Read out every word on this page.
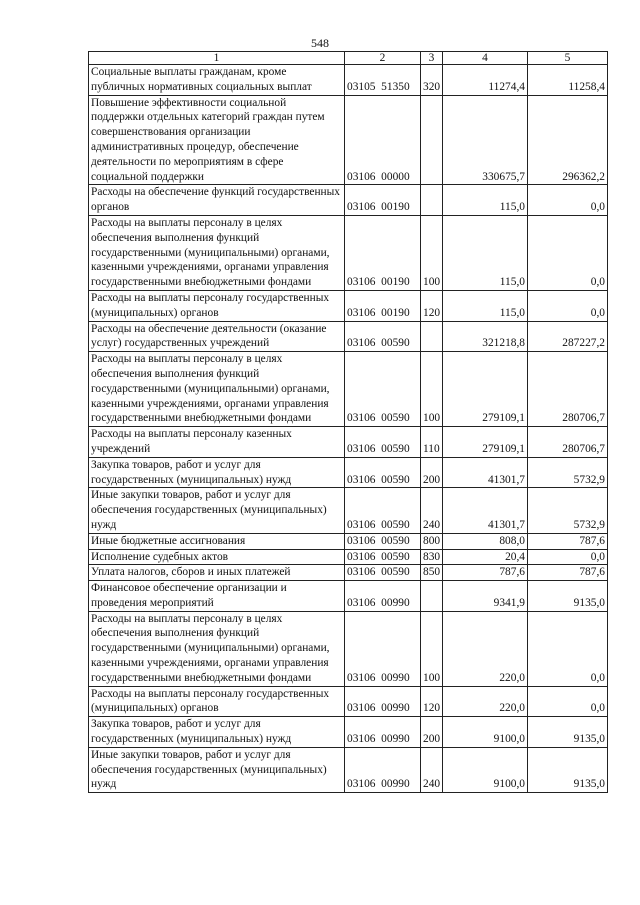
548
1	2	3	4	5
Социальные выплаты гражданам, кроме публичных нормативных социальных выплат	03105  51350	320	11274,4	11258,4
Повышение эффективности социальной поддержки отдельных категорий граждан путем совершенствования организации административных процедур, обеспечение деятельности по мероприятиям в сфере социальной поддержки	03106  00000		330675,7	296362,2
Расходы на обеспечение функций государственных органов	03106  00190		115,0	0,0
Расходы на выплаты персоналу в целях обеспечения выполнения функций государственными (муниципальными) органами, казенными учреждениями, органами управления государственными внебюджетными фондами	03106  00190	100	115,0	0,0
Расходы на выплаты персоналу государственных (муниципальных) органов	03106  00190	120	115,0	0,0
Расходы на обеспечение деятельности (оказание услуг) государственных учреждений	03106  00590		321218,8	287227,2
Расходы на выплаты персоналу в целях обеспечения выполнения функций государственными (муниципальными) органами, казенными учреждениями, органами управления государственными внебюджетными фондами	03106  00590	100	279109,1	280706,7
Расходы на выплаты персоналу казенных учреждений	03106  00590	110	279109,1	280706,7
Закупка товаров, работ и услуг для государственных (муниципальных) нужд	03106  00590	200	41301,7	5732,9
Иные закупки товаров, работ и услуг для обеспечения государственных (муниципальных) нужд	03106  00590	240	41301,7	5732,9
Иные бюджетные ассигнования	03106  00590	800	808,0	787,6
Исполнение судебных актов	03106  00590	830	20,4	0,0
Уплата налогов, сборов и иных платежей	03106  00590	850	787,6	787,6
Финансовое обеспечение организации и проведения мероприятий	03106  00990		9341,9	9135,0
Расходы на выплаты персоналу в целях обеспечения выполнения функций государственными (муниципальными) органами, казенными учреждениями, органами управления государственными внебюджетными фондами	03106  00990	100	220,0	0,0
Расходы на выплаты персоналу государственных (муниципальных) органов	03106  00990	120	220,0	0,0
Закупка товаров, работ и услуг для государственных (муниципальных) нужд	03106  00990	200	9100,0	9135,0
Иные закупки товаров, работ и услуг для обеспечения государственных (муниципальных) нужд	03106  00990	240	9100,0	9135,0
